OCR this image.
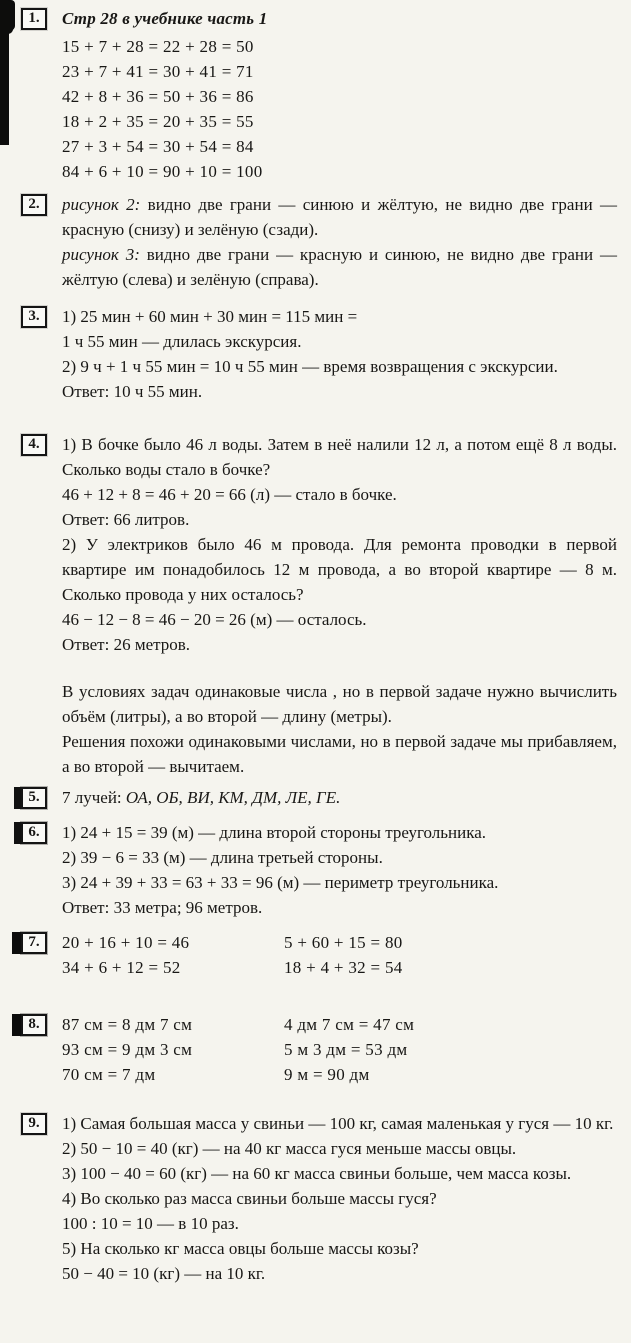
1.	Стр 28 в учебнике часть 1
15 + 7 + 28 = 22 + 28 = 50
23 + 7 + 41 = 30 + 41 = 71
42 + 8 + 36 = 50 + 36 = 86
18 + 2 + 35 = 20 + 35 = 55
27 + 3 + 54 = 30 + 54 = 84
84 + 6 + 10 = 90 + 10 = 100
2.	рисунок 2: видно две грани — синюю и жёлтую, не видно две грани — красную (снизу) и зелёную (сзади).
рисунок 3: видно две грани — красную и синюю, не видно две грани — жёлтую (слева) и зелёную (справа).
3.	1) 25 мин + 60 мин + 30 мин = 115 мин =
1 ч 55 мин — длилась экскурсия.
2) 9 ч + 1 ч 55 мин = 10 ч 55 мин — время возвращения с экскурсии.
Ответ: 10 ч 55 мин.
4.	1) В бочке было 46 л воды. Затем в неё налили 12 л, а потом ещё 8 л воды. Сколько воды стало в бочке?
46 + 12 + 8 = 46 + 20 = 66 (л) — стало в бочке.
Ответ: 66 литров.
2) У электриков было 46 м провода. Для ремонта проводки в первой квартире им понадобилось 12 м провода, а во второй квартире — 8 м. Сколько провода у них осталось?
46 − 12 − 8 = 46 − 20 = 26 (м) — осталось.
Ответ: 26 метров.
В условиях задач одинаковые числа , но в первой задаче нужно вычислить объём (литры), а во второй — длину (метры).
Решения похожи одинаковыми числами, но в первой задаче мы прибавляем, а во второй — вычитаем.
5.	7 лучей: ОА, ОБ, ВИ, КМ, ДМ, ЛЕ, ГЕ.
6.	1) 24 + 15 = 39 (м) — длина второй стороны треугольника.
2) 39 − 6 = 33 (м) — длина третьей стороны.
3) 24 + 39 + 33 = 63 + 33 = 96 (м) — периметр треугольника.
Ответ: 33 метра; 96 метров.
7.	20 + 16 + 10 = 46	5 + 60 + 15 = 80
34 + 6 + 12 = 52	18 + 4 + 32 = 54
8.	87 см = 8 дм 7 см	4 дм 7 см = 47 см
93 см = 9 дм 3 см	5 м 3 дм = 53 дм
70 см = 7 дм	9 м = 90 дм
9.	1) Самая большая масса у свиньи — 100 кг, самая маленькая у гуся — 10 кг.
2) 50 − 10 = 40 (кг) — на 40 кг масса гуся меньше массы овцы.
3) 100 − 40 = 60 (кг) — на 60 кг масса свиньи больше, чем масса козы.
4) Во сколько раз масса свиньи больше массы гуся?
100 : 10 = 10 — в 10 раз.
5) На сколько кг масса овцы больше массы козы?
50 − 40 = 10 (кг) — на 10 кг.
